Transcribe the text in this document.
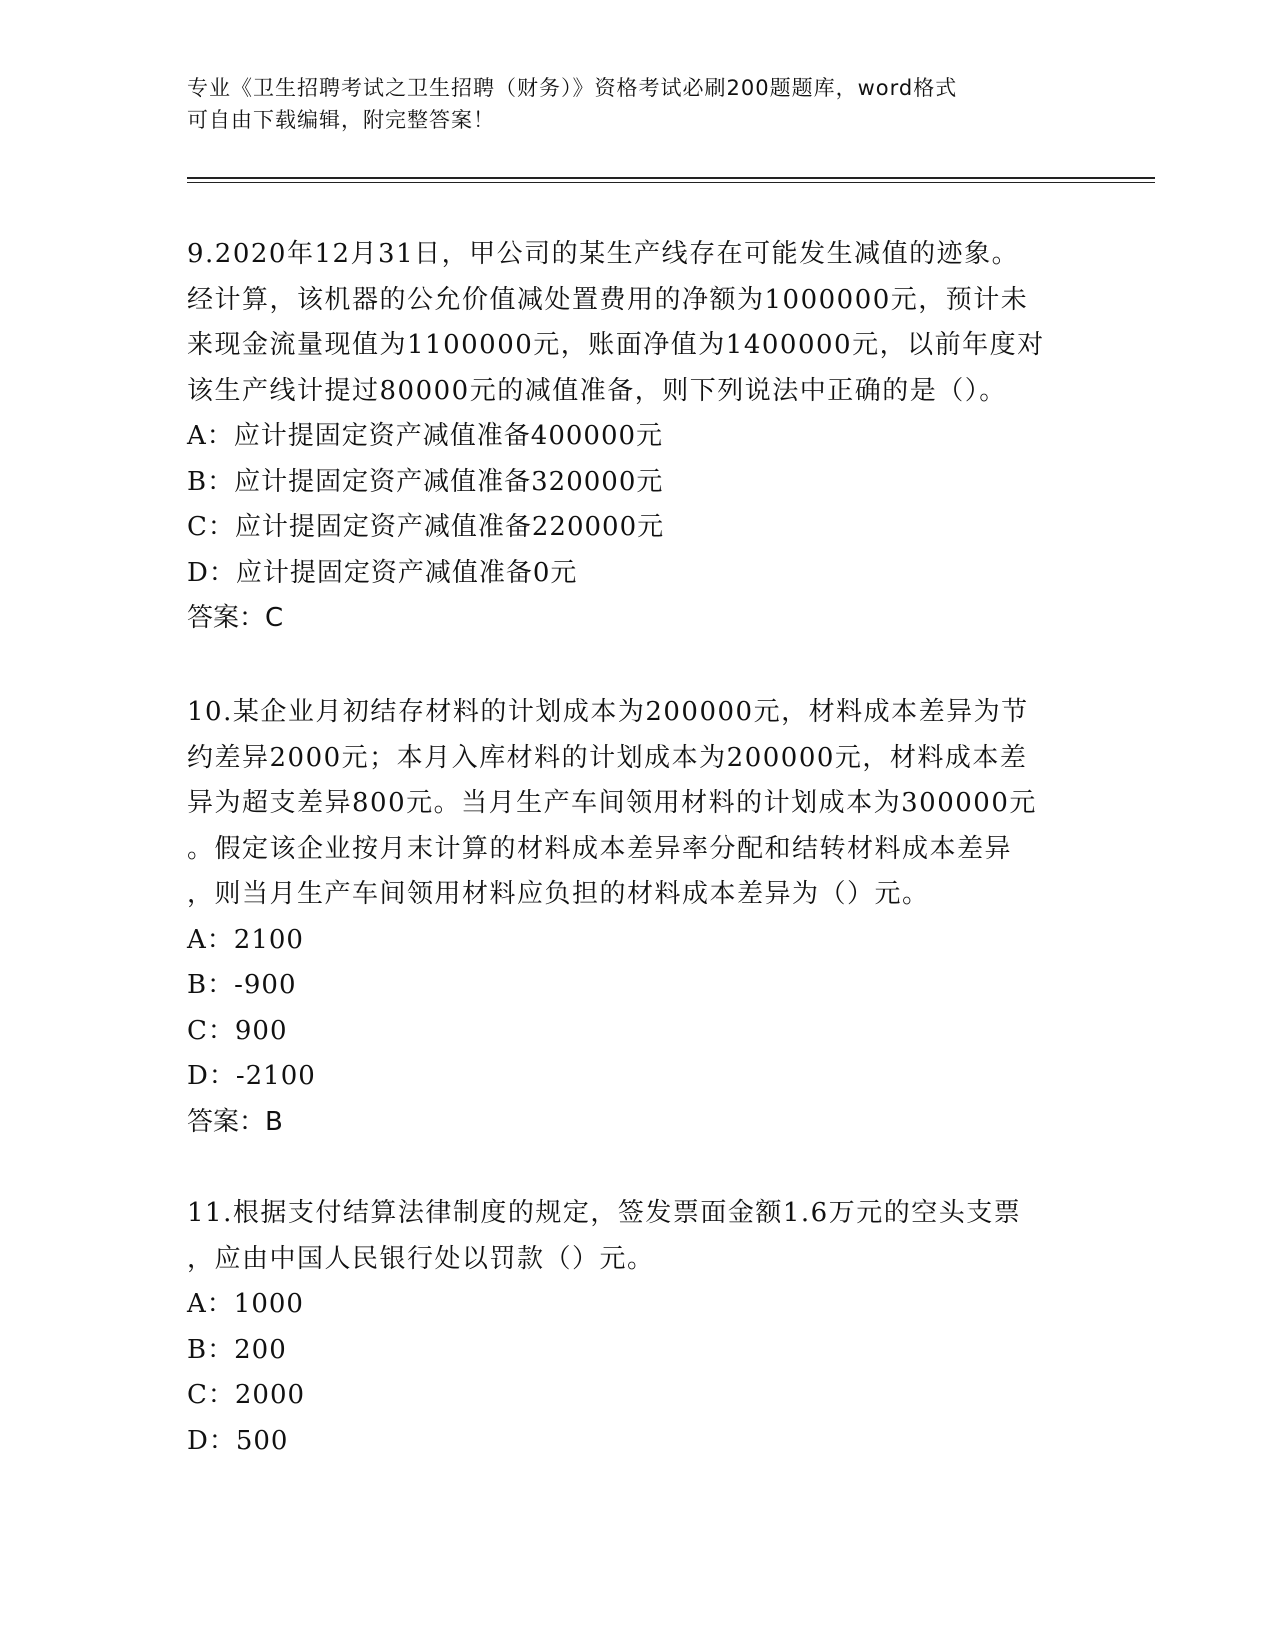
专业《卫生招聘考试之卫生招聘（财务）》资格考试必刷200题题库，word格式
可自由下载编辑，附完整答案！

9.2020年12月31日，甲公司的某生产线存在可能发生减值的迹象。

经计算，该机器的公允价值减处置费用的净额为1000000元，预计未

来现金流量现值为1100000元，账面净值为1400000元，以前年度对

该生产线计提过80000元的减值准备，则下列说法中正确的是（）。

A：应计提固定资产减值准备400000元

B：应计提固定资产减值准备320000元

C：应计提固定资产减值准备220000元

D：应计提固定资产减值准备0元

答案：C

10.某企业月初结存材料的计划成本为200000元，材料成本差异为节

约差异2000元；本月入库材料的计划成本为200000元，材料成本差

异为超支差异800元。当月生产车间领用材料的计划成本为300000元

。假定该企业按月末计算的材料成本差异率分配和结转材料成本差异

，则当月生产车间领用材料应负担的材料成本差异为（）元。

A：2100

B：-900

C：900

D：-2100

答案：B

11.根据支付结算法律制度的规定，签发票面金额1.6万元的空头支票

，应由中国人民银行处以罚款（）元。

A：1000

B：200

C：2000

D：500
